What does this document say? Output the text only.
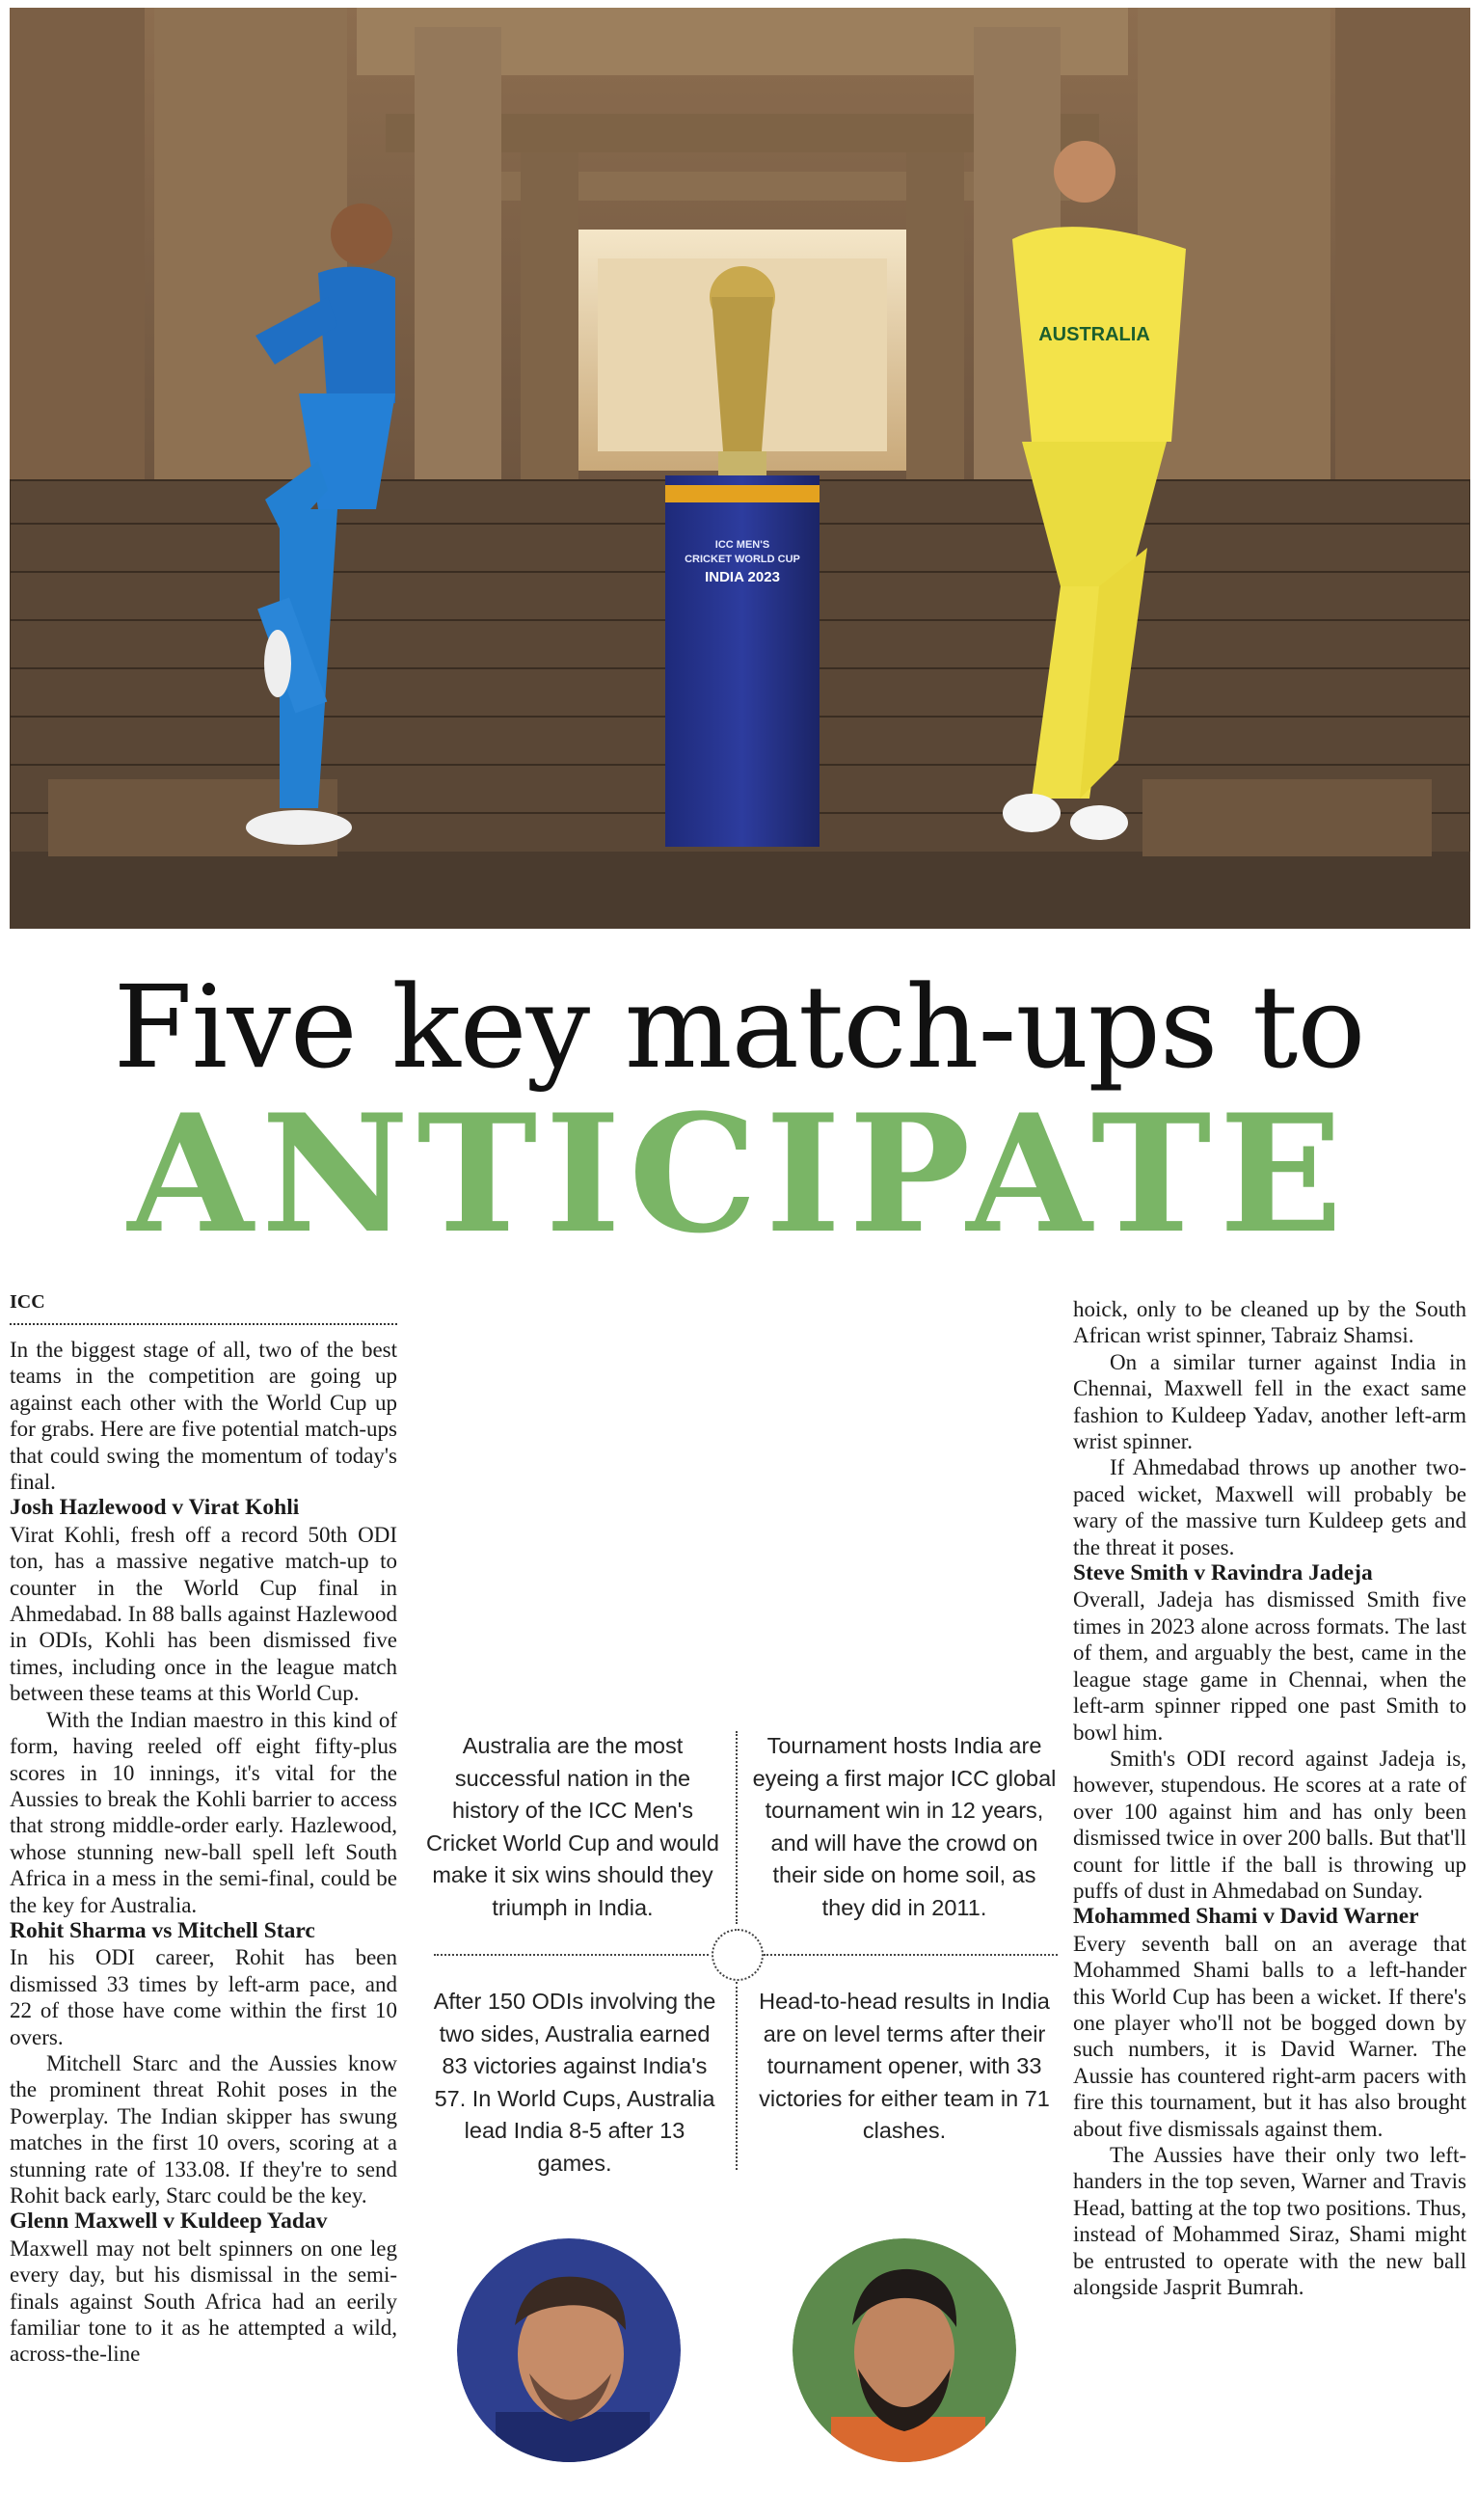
ICC MEN'S
CRICKET WORLD CUP
INDIA 2023
AUSTRALIA
Five key match-ups to
ANTICIPATE
ICC

In the biggest stage of all, two of the best teams in the competition are going up against each other with the World Cup up for grabs. Here are five potential match-ups that could swing the momentum of today's final.

Josh Hazlewood v Virat Kohli

Virat Kohli, fresh off a record 50th ODI ton, has a massive negative match-up to counter in the World Cup final in Ahmedabad. In 88 balls against Hazlewood in ODIs, Kohli has been dismissed five times, including once in the league match between these teams at this World Cup.

With the Indian maestro in this kind of form, having reeled off eight fifty-plus scores in 10 innings, it's vital for the Aussies to break the Kohli barrier to access that strong middle-order early. Hazlewood, whose stunning new-ball spell left South Africa in a mess in the semi-final, could be the key for Australia.

Rohit Sharma vs Mitchell Starc

In his ODI career, Rohit has been dismissed 33 times by left-arm pace, and 22 of those have come within the first 10 overs.

Mitchell Starc and the Aussies know the prominent threat Rohit poses in the Powerplay. The Indian skipper has swung matches in the first 10 overs, scoring at a stunning rate of 133.08. If they're to send Rohit back early, Starc could be the key.

Glenn Maxwell v Kuldeep Yadav

Maxwell may not belt spinners on one leg every day, but his dismissal in the semi-finals against South Africa had an eerily familiar tone to it as he attempted a wild, across-the-line

Australia are the most successful nation in the history of the ICC Men's Cricket World Cup and would make it six wins should they triumph in India.
Tournament hosts India are eyeing a first major ICC global tournament win in 12 years, and will have the crowd on their side on home soil, as they did in 2011.
After 150 ODIs involving the two sides, Australia earned 83 victories against India's 57. In World Cups, Australia lead India 8-5 after 13 games.
Head-to-head results in India are on level terms after their tournament opener, with 33 victories for either team in 71 clashes.

hoick, only to be cleaned up by the South African wrist spinner, Tabraiz Shamsi.

On a similar turner against India in Chennai, Maxwell fell in the exact same fashion to Kuldeep Yadav, another left-arm wrist spinner.

If Ahmedabad throws up another two-paced wicket, Maxwell will probably be wary of the massive turn Kuldeep gets and the threat it poses.

Steve Smith v Ravindra Jadeja

Overall, Jadeja has dismissed Smith five times in 2023 alone across formats. The last of them, and arguably the best, came in the league stage game in Chennai, when the left-arm spinner ripped one past Smith to bowl him.

Smith's ODI record against Jadeja is, however, stupendous. He scores at a rate of over 100 against him and has only been dismissed twice in over 200 balls. But that'll count for little if the ball is throwing up puffs of dust in Ahmedabad on Sunday.

Mohammed Shami v David Warner

Every seventh ball on an average that Mohammed Shami balls to a left-hander this World Cup has been a wicket. If there's one player who'll not be bogged down by such numbers, it is David Warner. The Aussie has countered right-arm pacers with fire this tournament, but it has also brought about five dismissals against them.

The Aussies have their only two left-handers in the top seven, Warner and Travis Head, batting at the top two positions. Thus, instead of Mohammed Siraz, Shami might be entrusted to operate with the new ball alongside Jasprit Bumrah.
